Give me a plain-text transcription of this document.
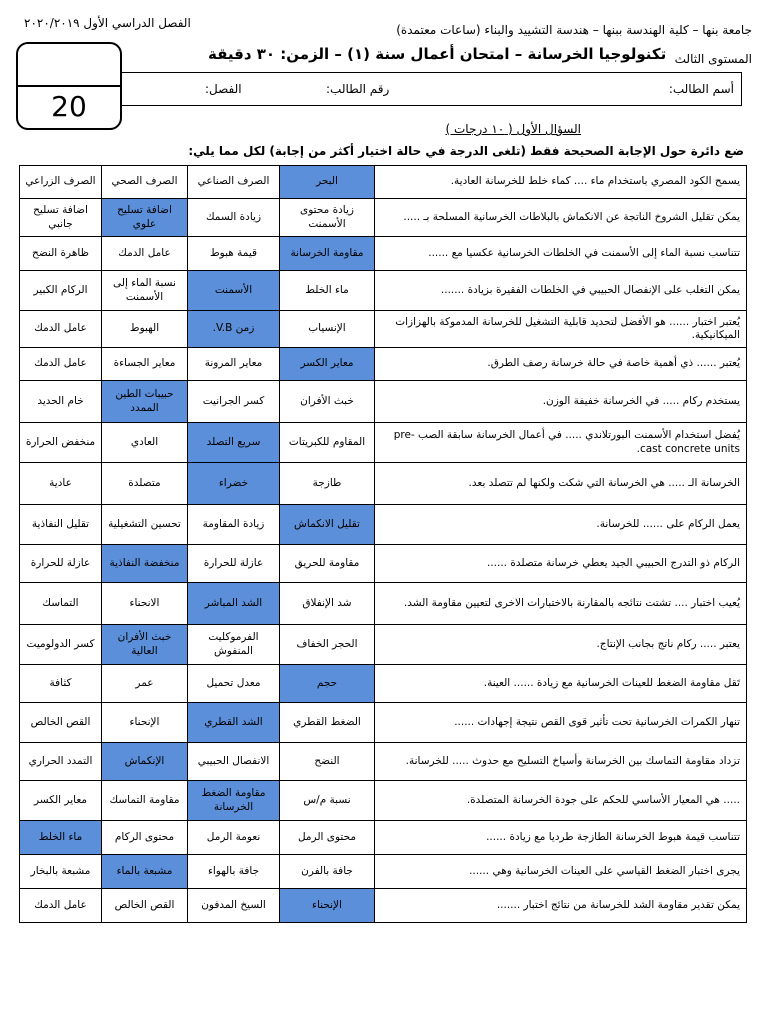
جامعة بنها – كلية الهندسة ببنها – هندسة التشييد والبناء (ساعات معتمدة)
الفصل الدراسي الأول ٢٠٢٠/٢٠١٩
المستوى الثالث
تكنولوجيا الخرسانة – امتحان أعمال سنة (١) – الزمن: ٣٠ دقيقة
أسم الطالب:
رقم الطالب:
الفصل:
20
السؤال الأول ( ١٠ درجات )
ضع دائرة حول الإجابة الصحيحة فقط (تلغى الدرجة في حالة اختيار أكثر من إجابة) لكل مما يلي:
الصرف الزراعي	الصرف الصحي	الصرف الصناعي	البحر	يسمح الكود المصري باستخدام ماء .... كماء خلط للخرسانة العادية.
اضافة تسليح جانبي	اضافة تسليح علوي	زيادة السمك	زيادة محتوى الأسمنت	يمكن تقليل الشروخ الناتجة عن الانكماش بالبلاطات الخرسانية المسلحة بـ .....
ظاهرة النضح	عامل الدمك	قيمة هبوط	مقاومة الخرسانة	تتناسب نسبة الماء إلى الأسمنت في الخلطات الخرسانية عكسيا مع ......
الركام الكبير	نسبة الماء إلى الأسمنت	الأسمنت	ماء الخلط	يمكن التغلب على الإنفصال الحبيبي في الخلطات الفقيرة بزيادة .......
عامل الدمك	الهبوط	زمن V.B.	الإنسياب	يُعتبر اختبار ...... هو الأفضل لتحديد قابلية التشغيل للخرسانة المدموكة بالهزازات الميكانيكية.
عامل الدمك	معاير الجساءة	معاير المرونة	معاير الكسر	يُعتبر ...... ذي أهمية خاصة في حالة خرسانة رصف الطرق.
خام الحديد	حبيبات الطين الممدد	كسر الجرانيت	خبث الأفران	يستخدم ركام ..... في الخرسانة خفيفة الوزن.
منخفض الحرارة	العادي	سريع التصلد	المقاوم للكبريتات	يُفضل استخدام الأسمنت البورتلاندي ..... في أعمال الخرسانة سابقة الصب pre-cast concrete units.
عادية	متصلدة	خضراء	طازجة	الخرسانة الـ ..... هي الخرسانة التي شكت ولكنها لم تتصلد بعد.
تقليل النفاذية	تحسين التشغيلية	زيادة المقاومة	تقليل الانكماش	يعمل الركام على ...... للخرسانة.
عازلة للحرارة	منخفضة النفاذية	عازلة للحرارة	مقاومة للحريق	الركام ذو التدرج الحبيبي الجيد يعطي خرسانة متصلدة ......
التماسك	الانحناء	الشد المباشر	شد الإنفلاق	يُعيب اختبار .... تشتت نتائجه بالمقارنة بالاختبارات الاخرى لتعيين مقاومة الشد.
كسر الدولوميت	خبث الأفران العالية	الفرموكليت المنفوش	الحجر الخفاف	يعتبر ..... ركام ناتج بجانب الإنتاج.
كثافة	عمر	معدل تحميل	حجم	تَقل مقاومة الضغط للعينات الخرسانية مع زيادة ...... العينة.
القص الخالص	الإنحناء	الشد القطري	الضغط القطري	تنهار الكمرات الخرسانية تحت تأثير قوى القص نتيجة إجهادات ......
التمدد الحراري	الإنكماش	الانفصال الحبيبي	النضح	تزداد مقاومة التماسك بين الخرسانة وأسياخ التسليح مع حدوث ..... للخرسانة.
معاير الكسر	مقاومة التماسك	مقاومة الضغط الخرسانة	نسبة م/س	..... هي المعيار الأساسي للحكم على جودة الخرسانة المتصلدة.
ماء الخلط	محتوى الركام	نعومة الرمل	محتوى الرمل	تتناسب قيمة هبوط الخرسانة الطازجة طرديا مع زيادة ......
مشبعة بالبخار	مشبعة بالماء	جافة بالهواء	جافة بالفرن	يجرى اختبار الضغط القياسي على العينات الخرسانية وهي ......
عامل الدمك	القص الخالص	السيخ المدفون	الإنحناء	يمكن تقدير مقاومة الشد للخرسانة من نتائج اختبار .......
